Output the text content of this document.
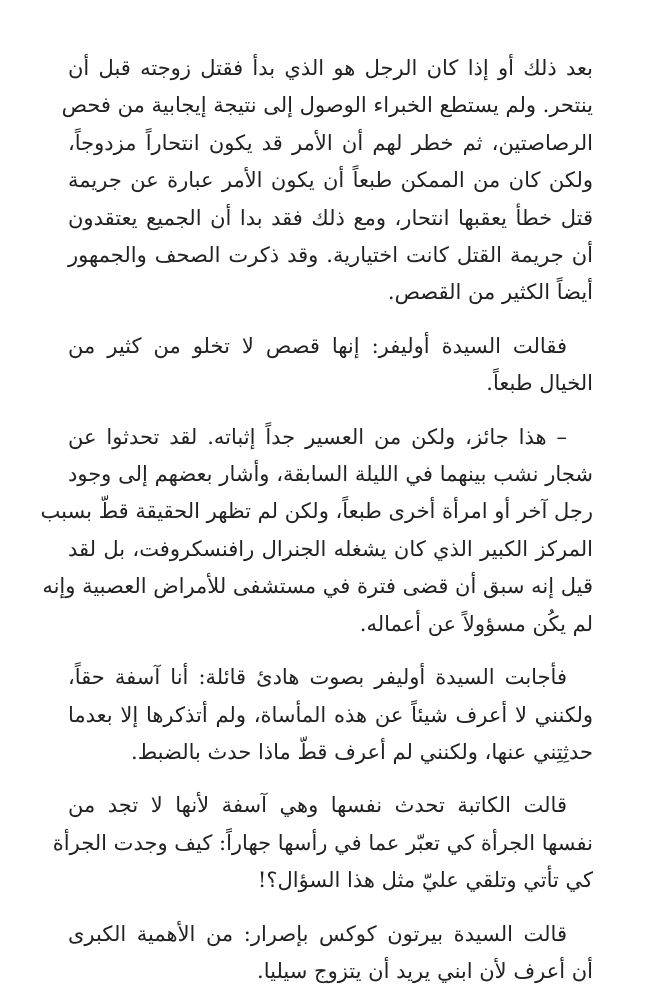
بعد ذلك أو إذا كان الرجل هو الذي بدأ فقتل زوجته قبل أن
ينتحر. ولم يستطع الخبراء الوصول إلى نتيجة إيجابية من فحص
الرصاصتين، ثم خطر لهم أن الأمر قد يكون انتحاراً مزدوجاً،
ولكن كان من الممكن طبعاً أن يكون الأمر عبارة عن جريمة
قتل خطأ يعقبها انتحار، ومع ذلك فقد بدا أن الجميع يعتقدون
أن جريمة القتل كانت اختيارية. وقد ذكرت الصحف والجمهور
أيضاً الكثير من القصص.
فقالت السيدة أوليفر: إنها قصص لا تخلو من كثير من
الخيال طبعاً.
– هذا جائز، ولكن من العسير جداً إثباته. لقد تحدثوا عن
شجار نشب بينهما في الليلة السابقة، وأشار بعضهم إلى وجود
رجل آخر أو امرأة أخرى طبعاً، ولكن لم تظهر الحقيقة قطّ بسبب
المركز الكبير الذي كان يشغله الجنرال رافنسكروفت، بل لقد
قيل إنه سبق أن قضى فترة في مستشفى للأمراض العصبية وإنه
لم يكُن مسؤولاً عن أعماله.
فأجابت السيدة أوليفر بصوت هادئ قائلة: أنا آسفة حقاً،
ولكنني لا أعرف شيئاً عن هذه المأساة، ولم أتذكرها إلا بعدما
حدثِتِني عنها، ولكنني لم أعرف قطّ ماذا حدث بالضبط.
قالت الكاتبة تحدث نفسها وهي آسفة لأنها لا تجد من
نفسها الجرأة كي تعبّر عما في رأسها جهاراً: كيف وجدت الجرأة
كي تأتي وتلقي عليّ مثل هذا السؤال؟!
قالت السيدة بيرتون كوكس بإصرار: من الأهمية الكبرى
أن أعرف لأن ابني يريد أن يتزوج سيليا.
